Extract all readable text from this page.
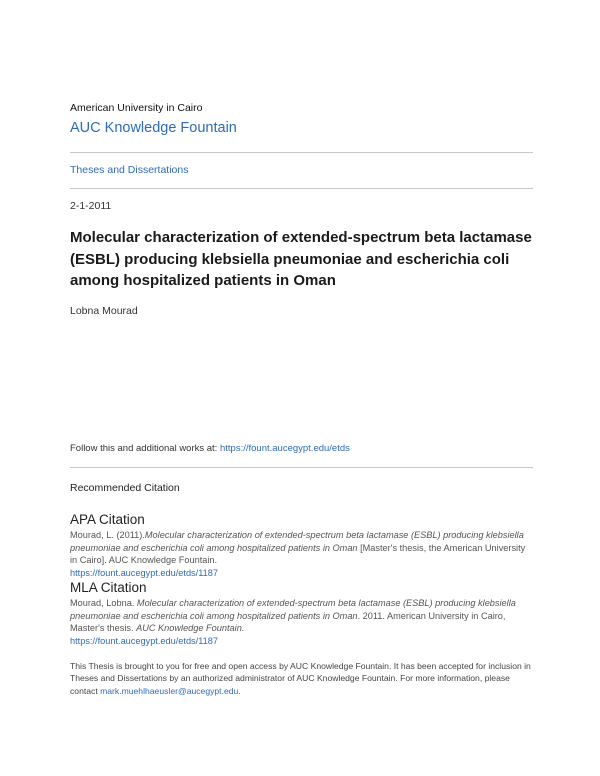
American University in Cairo
AUC Knowledge Fountain
Theses and Dissertations
2-1-2011
Molecular characterization of extended-spectrum beta lactamase (ESBL) producing klebsiella pneumoniae and escherichia coli among hospitalized patients in Oman
Lobna Mourad
Follow this and additional works at: https://fount.aucegypt.edu/etds
Recommended Citation
APA Citation
Mourad, L. (2011).Molecular characterization of extended-spectrum beta lactamase (ESBL) producing klebsiella pneumoniae and escherichia coli among hospitalized patients in Oman [Master's thesis, the American University in Cairo]. AUC Knowledge Fountain.
https://fount.aucegypt.edu/etds/1187
MLA Citation
Mourad, Lobna. Molecular characterization of extended-spectrum beta lactamase (ESBL) producing klebsiella pneumoniae and escherichia coli among hospitalized patients in Oman. 2011. American University in Cairo, Master's thesis. AUC Knowledge Fountain.
https://fount.aucegypt.edu/etds/1187
This Thesis is brought to you for free and open access by AUC Knowledge Fountain. It has been accepted for inclusion in Theses and Dissertations by an authorized administrator of AUC Knowledge Fountain. For more information, please contact mark.muehlhaeusler@aucegypt.edu.
